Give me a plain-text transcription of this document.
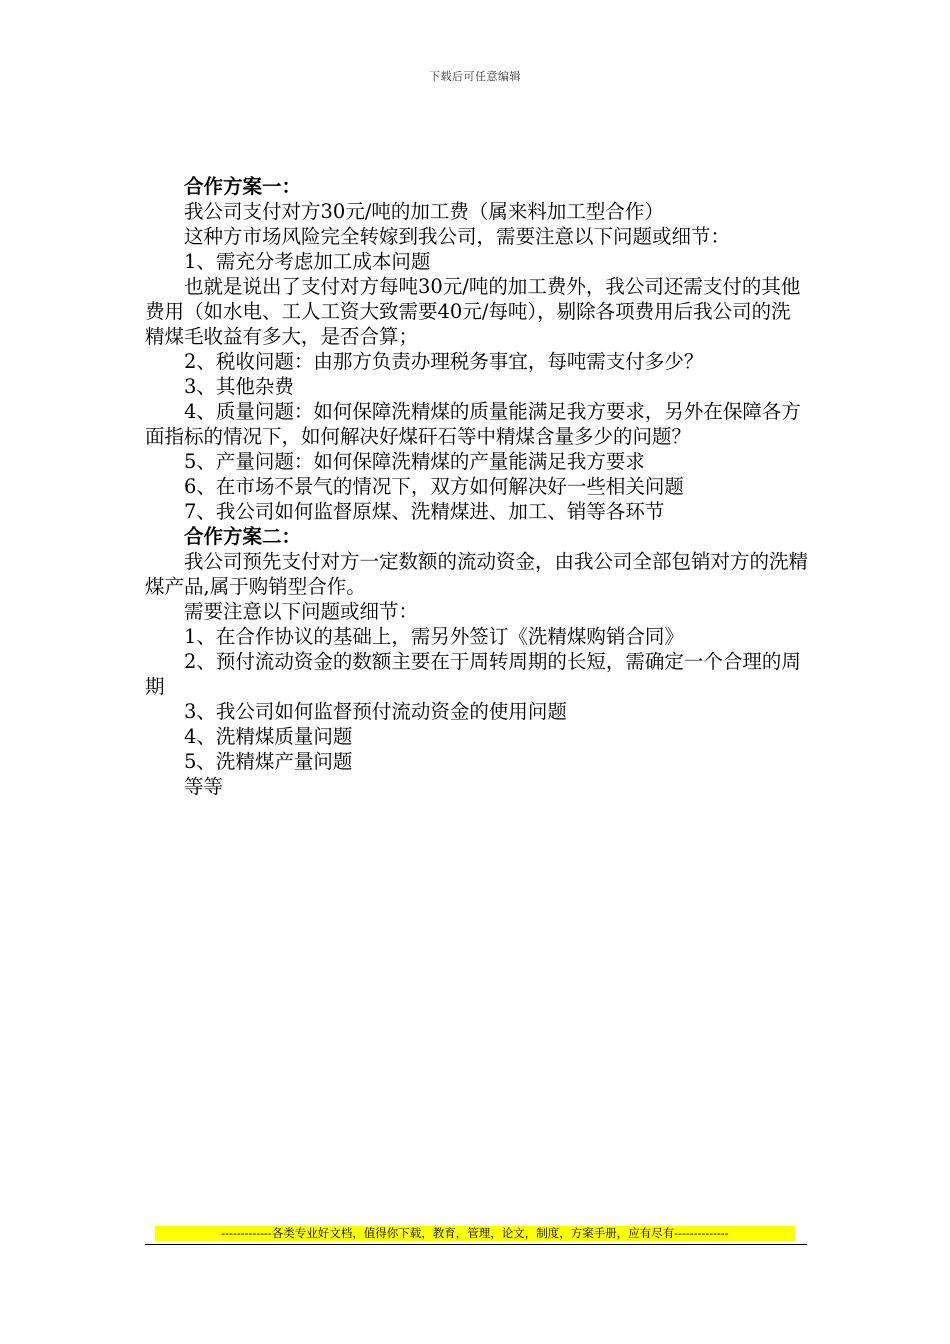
下载后可任意编辑

合作方案一：

我公司支付对方30元/吨的加工费（属来料加工型合作）

这种方市场风险完全转嫁到我公司，需要注意以下问题或细节：

1、需充分考虑加工成本问题

也就是说出了支付对方每吨30元/吨的加工费外，我公司还需支付的其他费用（如水电、工人工资大致需要40元/每吨），剔除各项费用后我公司的洗精煤毛收益有多大，是否合算；

2、税收问题：由那方负责办理税务事宜，每吨需支付多少？

3、其他杂费

4、质量问题：如何保障洗精煤的质量能满足我方要求，另外在保障各方面指标的情况下，如何解决好煤矸石等中精煤含量多少的问题？

5、产量问题：如何保障洗精煤的产量能满足我方要求

6、在市场不景气的情况下，双方如何解决好一些相关问题

7、我公司如何监督原煤、洗精煤进、加工、销等各环节

合作方案二：

我公司预先支付对方一定数额的流动资金，由我公司全部包销对方的洗精煤产品,属于购销型合作。

需要注意以下问题或细节：

1、在合作协议的基础上，需另外签订《洗精煤购销合同》

2、预付流动资金的数额主要在于周转周期的长短，需确定一个合理的周期

3、我公司如何监督预付流动资金的使用问题

4、洗精煤质量问题

5、洗精煤产量问题

等等

-------------各类专业好文档，值得你下载，教育，管理，论文，制度，方案手册，应有尽有--------------
